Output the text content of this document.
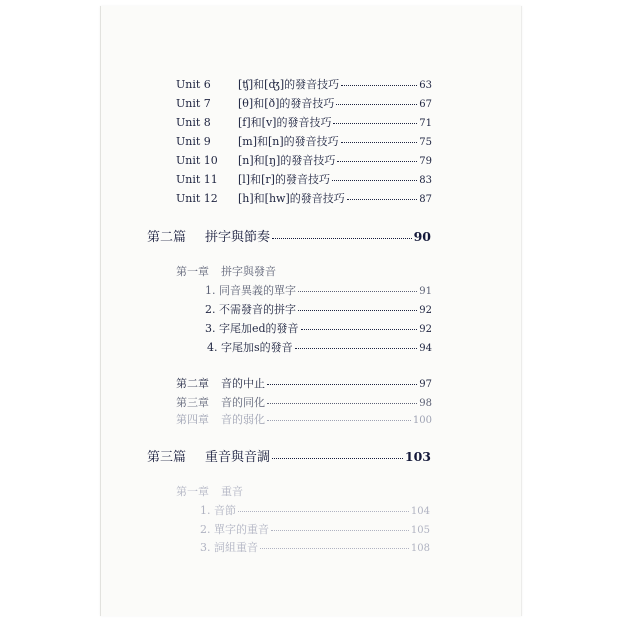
Unit 6	[ʧ]和[ʤ]的發音技巧	63
Unit 7	[θ]和[ð]的發音技巧	67
Unit 8	[f]和[v]的發音技巧	71
Unit 9	[m]和[n]的發音技巧	75
Unit 10	[n]和[ŋ]的發音技巧	79
Unit 11	[l]和[r]的發音技巧	83
Unit 12	[h]和[hw]的發音技巧	87
第二篇	拼字與節奏	90
第一章	拼字與發音
1. 同音異義的單字	91
2. 不需發音的拼字	92
3. 字尾加ed的發音	92
4. 字尾加s的發音	94
第二章	音的中止	97
第三章	音的同化	98
第四章	音的弱化	100
第三篇	重音與音調	103
第一章	重音
1. 音節	104
2. 單字的重音	105
3. 詞組重音	108
